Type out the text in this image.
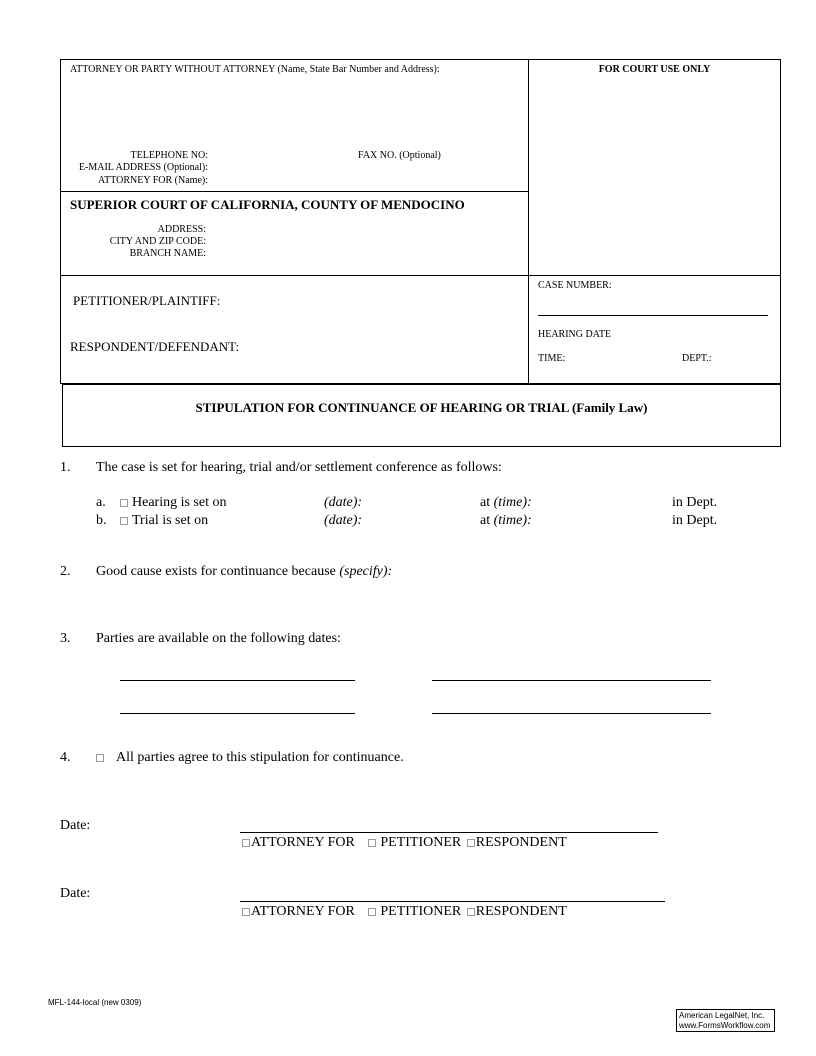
ATTORNEY OR PARTY WITHOUT ATTORNEY (Name, State Bar Number and Address):	FOR COURT USE ONLY
TELEPHONE NO:	FAX NO. (Optional)
E-MAIL ADDRESS (Optional):
ATTORNEY FOR (Name):
SUPERIOR COURT OF CALIFORNIA, COUNTY OF MENDOCINO
ADDRESS:
CITY AND ZIP CODE:
BRANCH NAME:
PETITIONER/PLAINTIFF:
RESPONDENT/DEFENDANT:
CASE NUMBER:
HEARING DATE
TIME:	DEPT.:
STIPULATION FOR CONTINUANCE OF HEARING OR TRIAL (Family Law)
1. The case is set for hearing, trial and/or settlement conference as follows:
a.	Hearing is set on	(date):	at (time):	in Dept.
b.	Trial is set on	(date):	at (time):	in Dept.
2. Good cause exists for continuance because (specify):
3. Parties are available on the following dates:
4.	All parties agree to this stipulation for continuance.
Date:
ATTORNEY FOR PETITIONER RESPONDENT
Date:
ATTORNEY FOR PETITIONER RESPONDENT
MFL-144-local (new 0309)
American LegalNet, Inc.
www.FormsWorkflow.com
